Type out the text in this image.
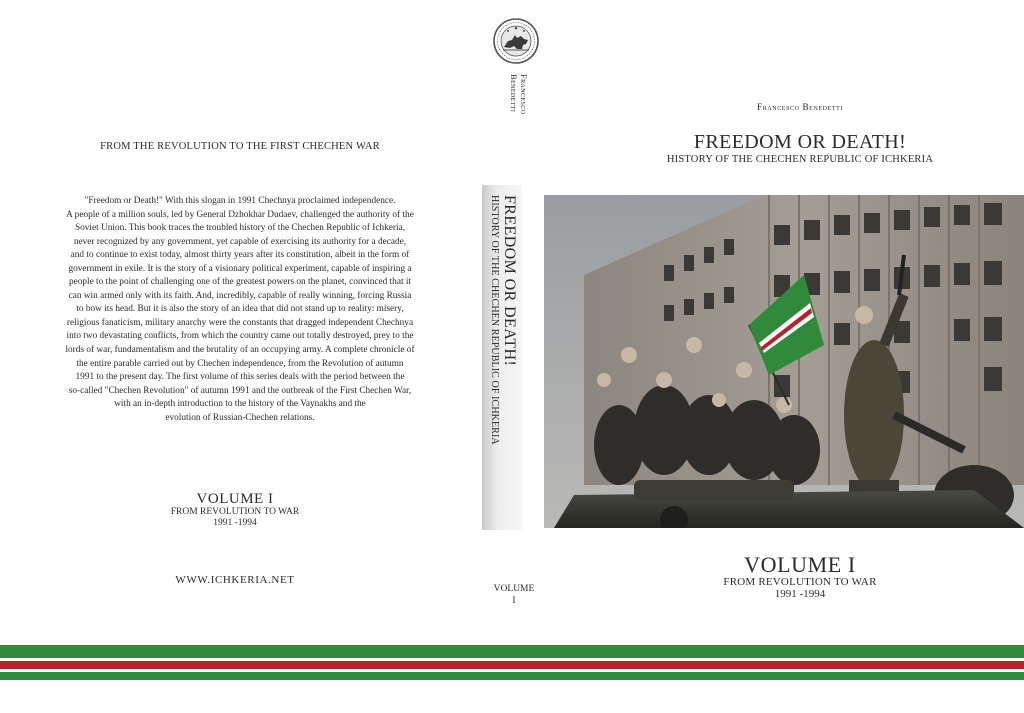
FROM THE REVOLUTION TO THE FIRST CHECHEN WAR
"Freedom or Death!" With this slogan in 1991 Chechnya proclaimed independence.
A people of a million souls, led by General Dzhokhar Dudaev, challenged the authority of the
Soviet Union. This book traces the troubled history of the Chechen Republic of Ichkeria,
never recognized by any government, yet capable of exercising its authority for a decade,
and to continue to exist today, almost thirty years after its constitution, albeit in the form of
government in exile. It is the story of a visionary political experiment, capable of inspiring a
people to the point of challenging one of the greatest powers on the planet, convinced that it
can win armed only with its faith. And, incredibly, capable of really winning, forcing Russia
to bow its head. But it is also the story of an idea that did not stand up to reality: misery,
religious fanaticism, military anarchy were the constants that dragged independent Chechnya
into two devastating conflicts, from which the country came out totally destroyed, prey to the
lords of war, fundamentalism and the brutality of an occupying army. A complete chronicle of
the entire parable carried out by Chechen independence, from the Revolution of autumn
1991 to the present day. The first volume of this series deals with the period between the
so-called "Chechen Revolution" of autumn 1991 and the outbreak of the First Chechen War,
with an in-depth introduction to the history of the Vaynakhs and the
evolution of Russian-Chechen relations.
VOLUME I
FROM REVOLUTION TO WAR
1991 -1994
WWW.ICHKERIA.NET
Francesco
Benedetti
FREEDOM OR DEATH!
HISTORY OF THE CHECHEN REPUBLIC OF ICHKERIA
VOLUME
I
Francesco Benedetti
FREEDOM OR DEATH!
HISTORY OF THE CHECHEN REPUBLIC OF ICHKERIA
VOLUME I
FROM REVOLUTION TO WAR
1991 -1994
